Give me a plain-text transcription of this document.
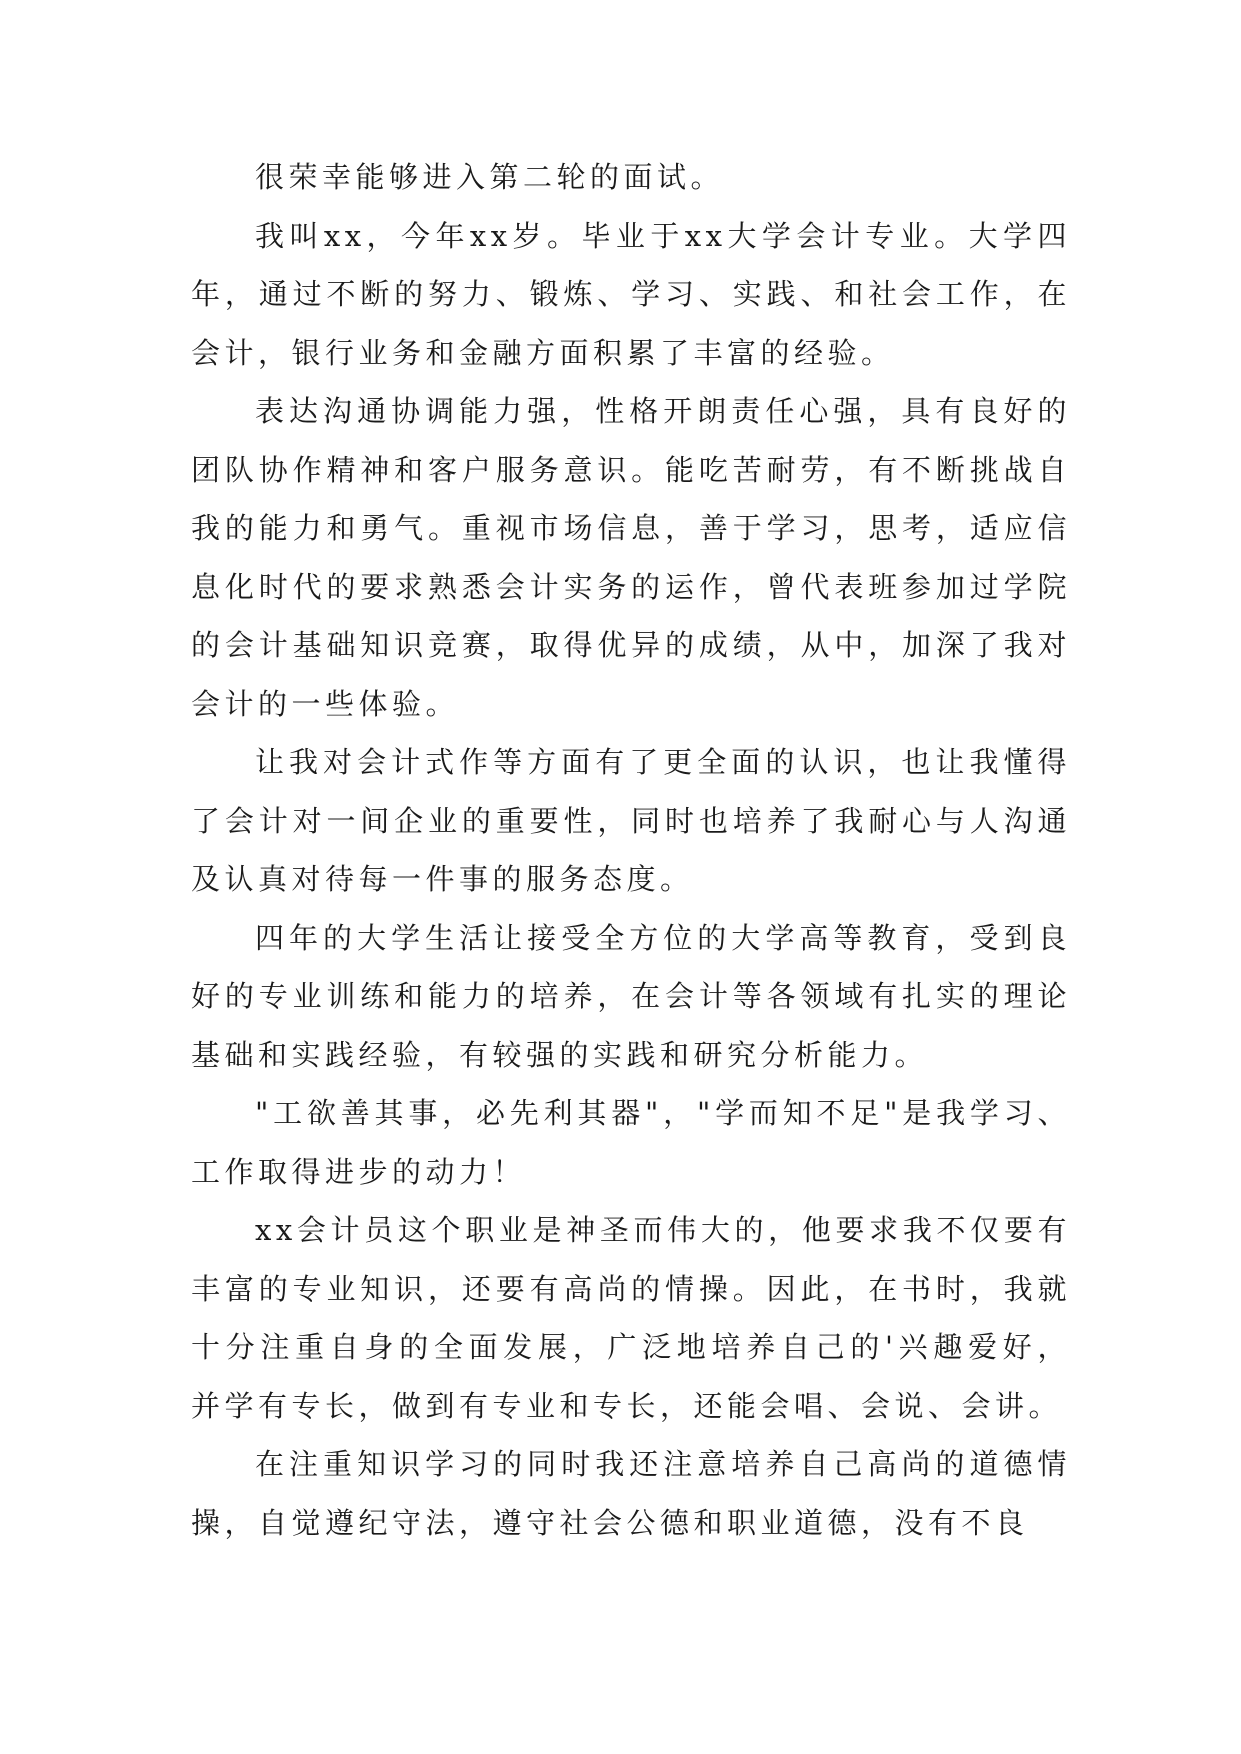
很荣幸能够进入第二轮的面试。

我叫xx，今年xx岁。毕业于xx大学会计专业。大学四年，通过不断的努力、锻炼、学习、实践、和社会工作，在会计，银行业务和金融方面积累了丰富的经验。

表达沟通协调能力强，性格开朗责任心强，具有良好的团队协作精神和客户服务意识。能吃苦耐劳，有不断挑战自我的能力和勇气。重视市场信息，善于学习，思考，适应信息化时代的要求熟悉会计实务的运作，曾代表班参加过学院的会计基础知识竞赛，取得优异的成绩，从中，加深了我对会计的一些体验。

让我对会计式作等方面有了更全面的认识，也让我懂得了会计对一间企业的重要性，同时也培养了我耐心与人沟通及认真对待每一件事的服务态度。

四年的大学生活让接受全方位的大学高等教育，受到良好的专业训练和能力的培养，在会计等各领域有扎实的理论基础和实践经验，有较强的实践和研究分析能力。

"工欲善其事，必先利其器"，"学而知不足"是我学习、工作取得进步的动力！

xx会计员这个职业是神圣而伟大的，他要求我不仅要有丰富的专业知识，还要有高尚的情操。因此，在书时，我就十分注重自身的全面发展，广泛地培养自己的'兴趣爱好，并学有专长，做到有专业和专长，还能会唱、会说、会讲。

在注重知识学习的同时我还注意培养自己高尚的道德情操，自觉遵纪守法，遵守社会公德和职业道德，没有不良
